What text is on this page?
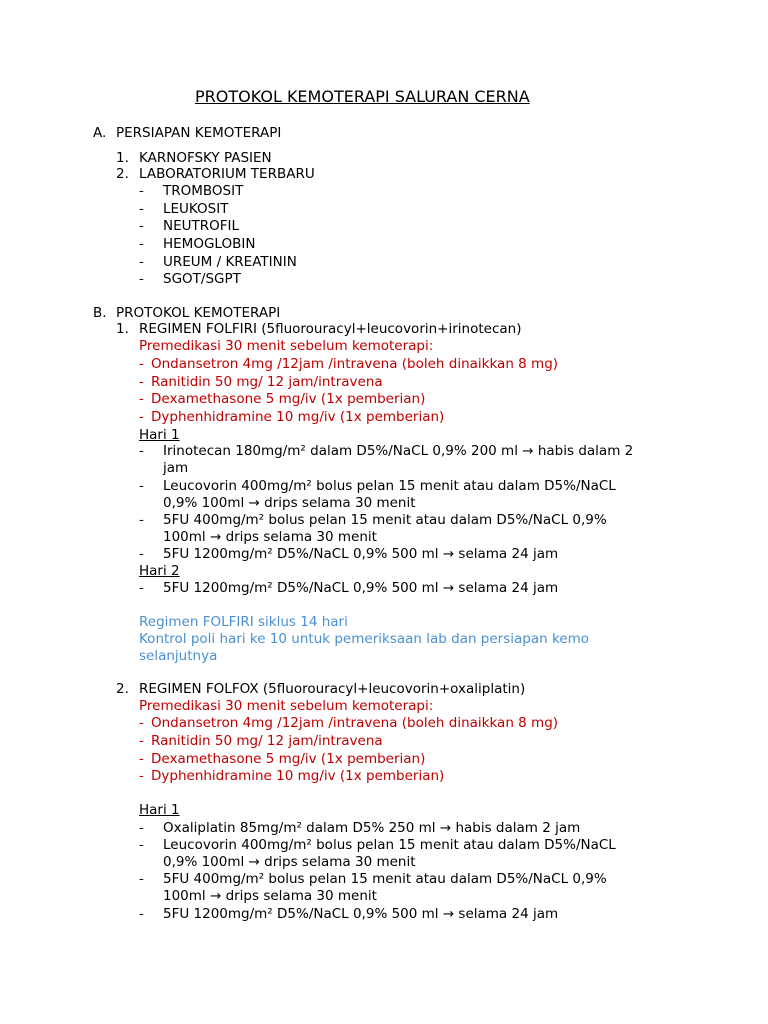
PROTOKOL KEMOTERAPI SALURAN CERNA
A. PERSIAPAN KEMOTERAPI
1. KARNOFSKY PASIEN
2. LABORATORIUM TERBARU
- TROMBOSIT
- LEUKOSIT
- NEUTROFIL
- HEMOGLOBIN
- UREUM / KREATININ
- SGOT/SGPT
B. PROTOKOL KEMOTERAPI
1. REGIMEN FOLFIRI (5fluorouracyl+leucovorin+irinotecan)
Premedikasi 30 menit sebelum kemoterapi:
- Ondansetron 4mg /12jam /intravena (boleh dinaikkan 8 mg)
- Ranitidin 50 mg/ 12 jam/intravena
- Dexamethasone 5 mg/iv (1x pemberian)
- Dyphenhidramine 10 mg/iv (1x pemberian)
Hari 1
- Irinotecan 180mg/m² dalam D5%/NaCL 0,9% 200 ml → habis dalam 2
jam
- Leucovorin 400mg/m² bolus pelan 15 menit atau dalam D5%/NaCL
0,9% 100ml → drips selama 30 menit
- 5FU 400mg/m² bolus pelan 15 menit atau dalam D5%/NaCL 0,9%
100ml → drips selama 30 menit
- 5FU 1200mg/m² D5%/NaCL 0,9% 500 ml → selama 24 jam
Hari 2
- 5FU 1200mg/m² D5%/NaCL 0,9% 500 ml → selama 24 jam
Regimen FOLFIRI siklus 14 hari
Kontrol poli hari ke 10 untuk pemeriksaan lab dan persiapan kemo
selanjutnya
2. REGIMEN FOLFOX (5fluorouracyl+leucovorin+oxaliplatin)
Premedikasi 30 menit sebelum kemoterapi:
- Ondansetron 4mg /12jam /intravena (boleh dinaikkan 8 mg)
- Ranitidin 50 mg/ 12 jam/intravena
- Dexamethasone 5 mg/iv (1x pemberian)
- Dyphenhidramine 10 mg/iv (1x pemberian)
Hari 1
- Oxaliplatin 85mg/m² dalam D5% 250 ml → habis dalam 2 jam
- Leucovorin 400mg/m² bolus pelan 15 menit atau dalam D5%/NaCL
0,9% 100ml → drips selama 30 menit
- 5FU 400mg/m² bolus pelan 15 menit atau dalam D5%/NaCL 0,9%
100ml → drips selama 30 menit
- 5FU 1200mg/m² D5%/NaCL 0,9% 500 ml → selama 24 jam
